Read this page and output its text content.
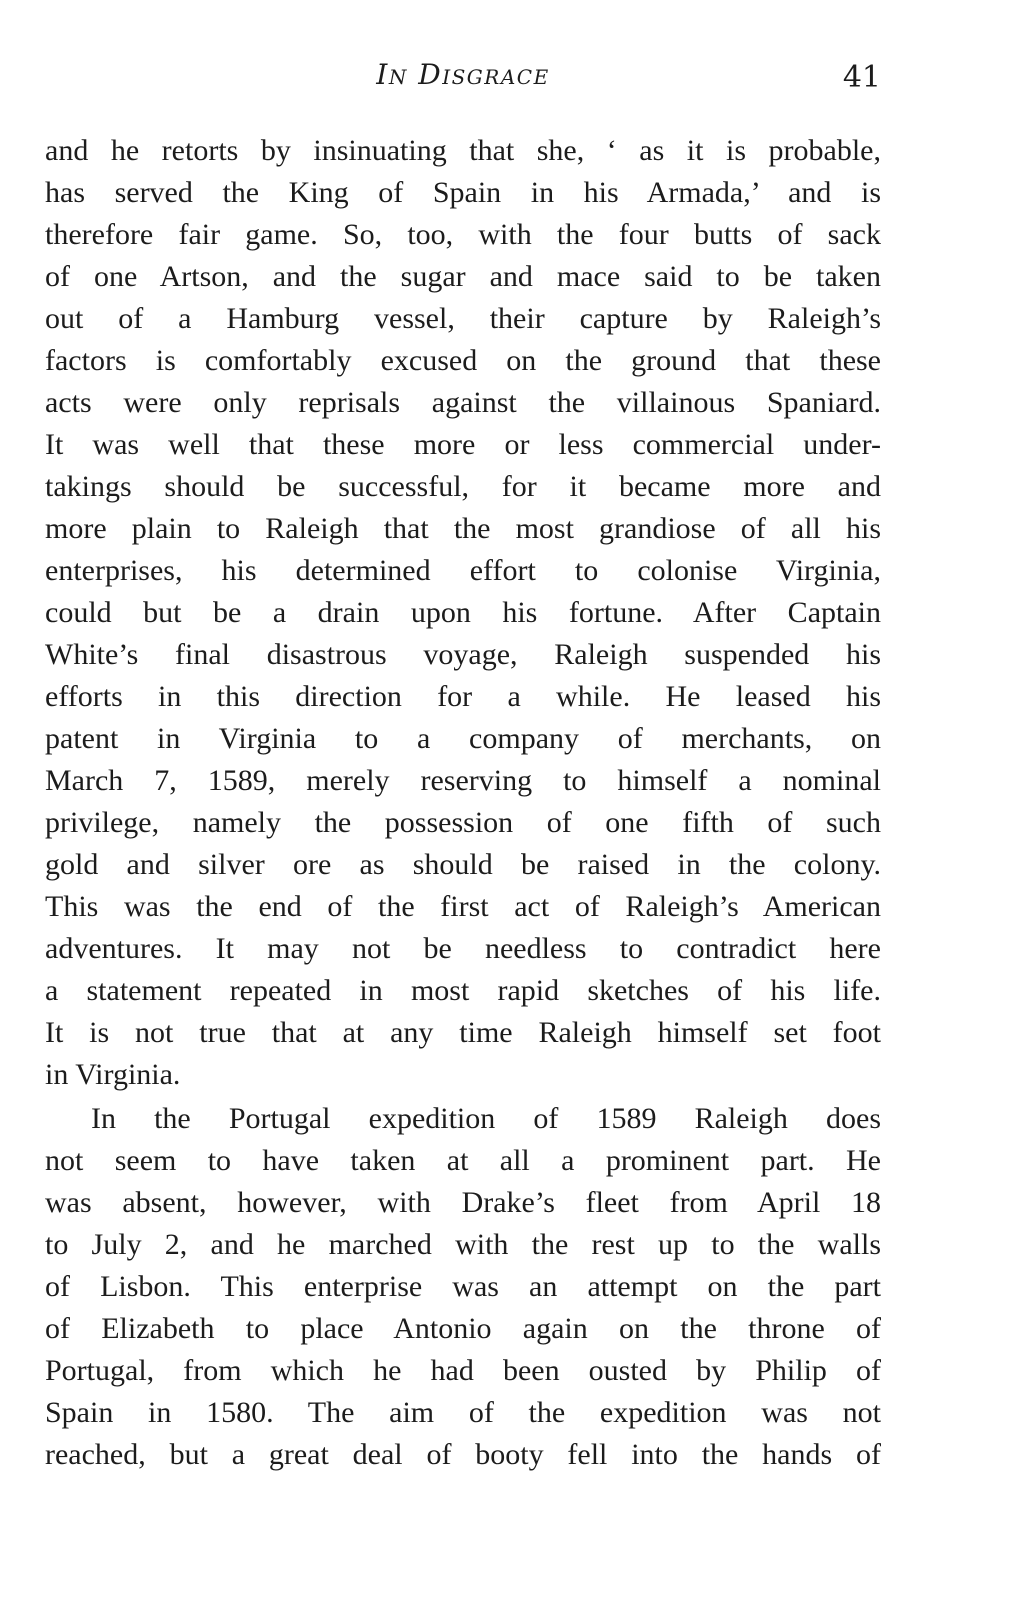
In Disgrace	41
and he retorts by insinuating that she, ‘ as it is probable,
has served the King of Spain in his Armada,’ and is
therefore fair game. So, too, with the four butts of sack
of one Artson, and the sugar and mace said to be taken
out of a Hamburg vessel, their capture by Raleigh’s
factors is comfortably excused on the ground that these
acts were only reprisals against the villainous Spaniard.
It was well that these more or less commercial under-
takings should be successful, for it became more and
more plain to Raleigh that the most grandiose of all his
enterprises, his determined effort to colonise Virginia,
could but be a drain upon his fortune. After Captain
White’s final disastrous voyage, Raleigh suspended his
efforts in this direction for a while. He leased his
patent in Virginia to a company of merchants, on
March 7, 1589, merely reserving to himself a nominal
privilege, namely the possession of one fifth of such
gold and silver ore as should be raised in the colony.
This was the end of the first act of Raleigh’s American
adventures. It may not be needless to contradict here
a statement repeated in most rapid sketches of his life.
It is not true that at any time Raleigh himself set foot
in Virginia.
In the Portugal expedition of 1589 Raleigh does
not seem to have taken at all a prominent part. He
was absent, however, with Drake’s fleet from April 18
to July 2, and he marched with the rest up to the walls
of Lisbon. This enterprise was an attempt on the part
of Elizabeth to place Antonio again on the throne of
Portugal, from which he had been ousted by Philip of
Spain in 1580. The aim of the expedition was not
reached, but a great deal of booty fell into the hands of
